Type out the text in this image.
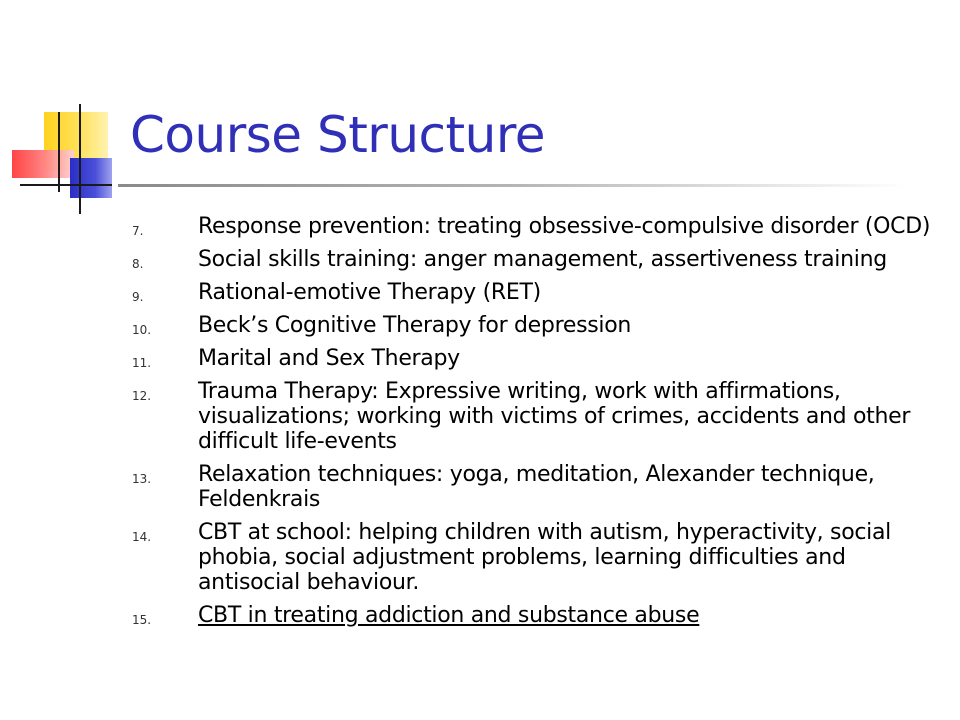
Course Structure
7.	Response prevention: treating obsessive-compulsive disorder (OCD)
8.	Social skills training: anger management, assertiveness training
9.	Rational-emotive Therapy (RET)
10.	Beck’s Cognitive Therapy for depression
11.	Marital and Sex Therapy
12.	Trauma Therapy: Expressive writing, work with affirmations, visualizations; working with victims of crimes, accidents and other difficult life-events
13.	Relaxation techniques: yoga, meditation, Alexander technique, Feldenkrais
14.	CBT at school: helping children with autism, hyperactivity, social phobia, social adjustment problems, learning difficulties and antisocial behaviour.
15.	CBT in treating addiction and substance abuse
